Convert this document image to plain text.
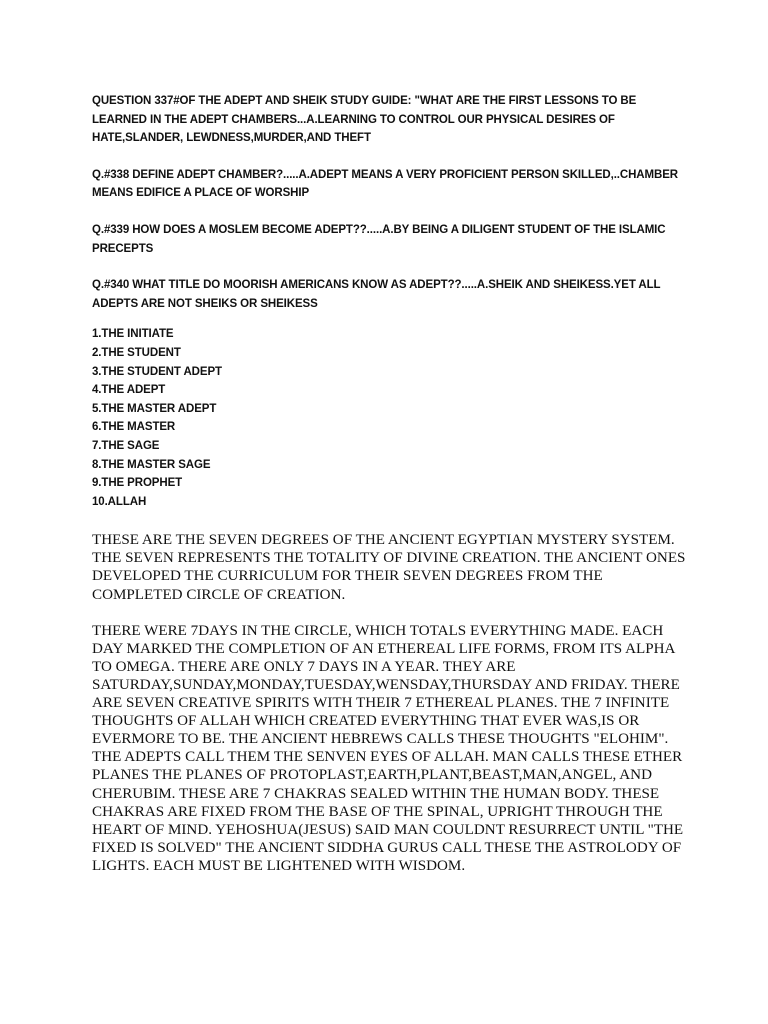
QUESTION 337#OF THE ADEPT AND SHEIK STUDY GUIDE: "WHAT ARE THE FIRST LESSONS TO BE LEARNED IN THE ADEPT CHAMBERS...A.LEARNING TO CONTROL OUR PHYSICAL DESIRES OF HATE,SLANDER, LEWDNESS,MURDER,AND THEFT

Q.#338 DEFINE ADEPT CHAMBER?.....A.ADEPT MEANS A VERY PROFICIENT PERSON SKILLED,..CHAMBER MEANS EDIFICE A PLACE OF WORSHIP

Q.#339 HOW DOES A MOSLEM BECOME ADEPT??.....A.BY BEING A DILIGENT STUDENT OF THE ISLAMIC PRECEPTS

Q.#340 WHAT TITLE DO MOORISH AMERICANS KNOW AS ADEPT??.....A.SHEIK AND SHEIKESS.YET ALL ADEPTS ARE NOT SHEIKS OR SHEIKESS

1.THE INITIATE
2.THE STUDENT
3.THE STUDENT ADEPT
4.THE ADEPT
5.THE MASTER ADEPT
6.THE MASTER
7.THE SAGE
8.THE MASTER SAGE
9.THE PROPHET
10.ALLAH

THESE ARE THE SEVEN DEGREES OF THE ANCIENT EGYPTIAN MYSTERY SYSTEM. THE SEVEN REPRESENTS THE TOTALITY OF DIVINE CREATION. THE ANCIENT ONES DEVELOPED THE CURRICULUM FOR THEIR SEVEN DEGREES FROM THE COMPLETED CIRCLE OF CREATION.

THERE WERE 7DAYS IN THE CIRCLE, WHICH TOTALS EVERYTHING MADE. EACH DAY MARKED THE COMPLETION OF AN ETHEREAL LIFE FORMS, FROM ITS ALPHA TO OMEGA. THERE ARE ONLY 7 DAYS IN A YEAR. THEY ARE SATURDAY,SUNDAY,MONDAY,TUESDAY,WENSDAY,THURSDAY AND FRIDAY. THERE ARE SEVEN CREATIVE SPIRITS WITH THEIR 7 ETHEREAL PLANES. THE 7 INFINITE THOUGHTS OF ALLAH WHICH CREATED EVERYTHING THAT EVER WAS,IS OR EVERMORE TO BE. THE ANCIENT HEBREWS CALLS THESE THOUGHTS "ELOHIM". THE ADEPTS CALL THEM THE SENVEN EYES OF ALLAH. MAN CALLS THESE ETHER PLANES THE PLANES OF PROTOPLAST,EARTH,PLANT,BEAST,MAN,ANGEL, AND CHERUBIM. THESE ARE 7 CHAKRAS SEALED WITHIN THE HUMAN BODY. THESE CHAKRAS ARE FIXED FROM THE BASE OF THE SPINAL, UPRIGHT THROUGH THE HEART OF MIND. YEHOSHUA(JESUS) SAID MAN COULDNT RESURRECT UNTIL "THE FIXED IS SOLVED" THE ANCIENT SIDDHA GURUS CALL THESE THE ASTROLODY OF LIGHTS. EACH MUST BE LIGHTENED WITH WISDOM.
